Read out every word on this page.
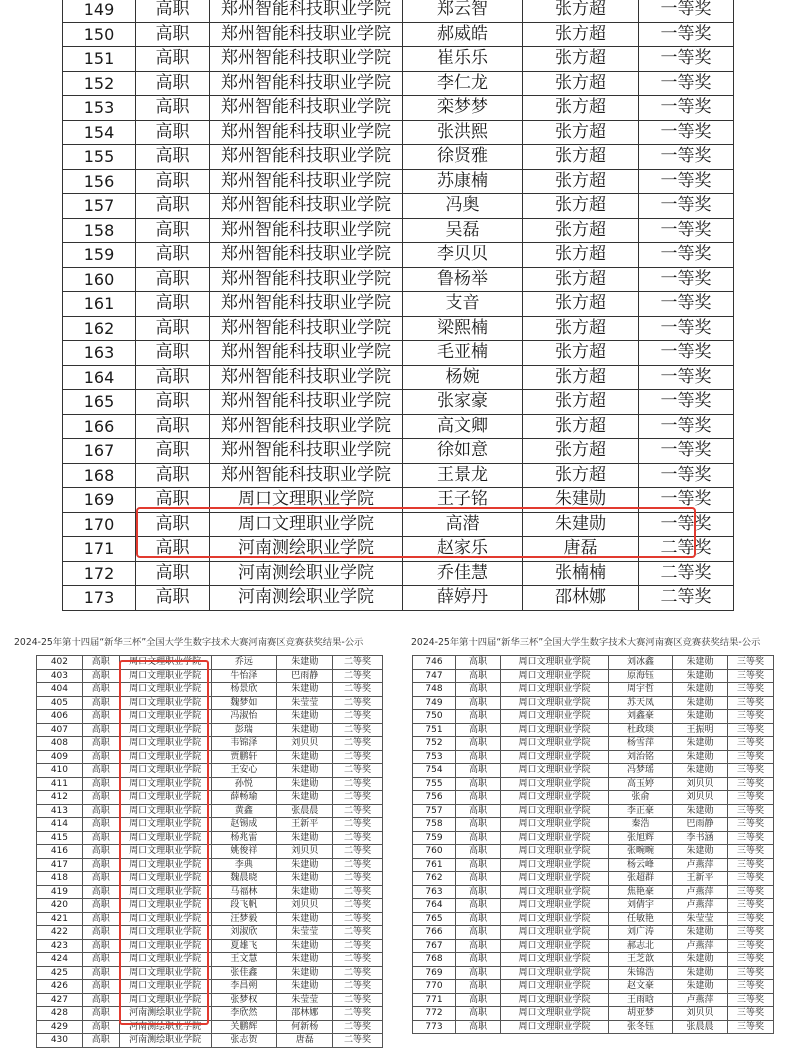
149	高职	郑州智能科技职业学院	郑云智	张方超	一等奖
150	高职	郑州智能科技职业学院	郝威皓	张方超	一等奖
151	高职	郑州智能科技职业学院	崔乐乐	张方超	一等奖
152	高职	郑州智能科技职业学院	李仁龙	张方超	一等奖
153	高职	郑州智能科技职业学院	栾梦梦	张方超	一等奖
154	高职	郑州智能科技职业学院	张洪熙	张方超	一等奖
155	高职	郑州智能科技职业学院	徐贤雅	张方超	一等奖
156	高职	郑州智能科技职业学院	苏康楠	张方超	一等奖
157	高职	郑州智能科技职业学院	冯奥	张方超	一等奖
158	高职	郑州智能科技职业学院	吴磊	张方超	一等奖
159	高职	郑州智能科技职业学院	李贝贝	张方超	一等奖
160	高职	郑州智能科技职业学院	鲁杨举	张方超	一等奖
161	高职	郑州智能科技职业学院	支音	张方超	一等奖
162	高职	郑州智能科技职业学院	梁熙楠	张方超	一等奖
163	高职	郑州智能科技职业学院	毛亚楠	张方超	一等奖
164	高职	郑州智能科技职业学院	杨婉	张方超	一等奖
165	高职	郑州智能科技职业学院	张家豪	张方超	一等奖
166	高职	郑州智能科技职业学院	高文卿	张方超	一等奖
167	高职	郑州智能科技职业学院	徐如意	张方超	一等奖
168	高职	郑州智能科技职业学院	王景龙	张方超	一等奖
169	高职	周口文理职业学院	王子铭	朱建勋	一等奖
170	高职	周口文理职业学院	高潜	朱建勋	一等奖
171	高职	河南测绘职业学院	赵家乐	唐磊	二等奖
172	高职	河南测绘职业学院	乔佳慧	张楠楠	二等奖
173	高职	河南测绘职业学院	薛婷丹	邵林娜	二等奖
2024-25年第十四届“新华三杯”全国大学生数字技术大赛河南赛区竞赛获奖结果-公示	2024-25年第十四届“新华三杯”全国大学生数字技术大赛河南赛区竞赛获奖结果-公示
402	高职	周口文理职业学院	乔远	朱建勋	二等奖
403	高职	周口文理职业学院	牛怡泽	巴雨静	二等奖
404	高职	周口文理职业学院	杨景欣	朱建勋	二等奖
405	高职	周口文理职业学院	魏梦如	朱莹莹	二等奖
406	高职	周口文理职业学院	冯淑怡	朱建勋	二等奖
407	高职	周口文理职业学院	彭瑞	朱建勋	二等奖
408	高职	周口文理职业学院	韦锦泽	刘贝贝	二等奖
409	高职	周口文理职业学院	贾鹏轩	朱建勋	二等奖
410	高职	周口文理职业学院	王安心	朱建勋	二等奖
411	高职	周口文理职业学院	孙悦	朱建勋	二等奖
412	高职	周口文理职业学院	薛畅瑜	朱建勋	二等奖
413	高职	周口文理职业学院	黄鑫	张晨晨	二等奖
414	高职	周口文理职业学院	赵锡成	王新平	二等奖
415	高职	周口文理职业学院	杨兆雷	朱建勋	二等奖
416	高职	周口文理职业学院	姚俊祥	刘贝贝	二等奖
417	高职	周口文理职业学院	李典	朱建勋	二等奖
418	高职	周口文理职业学院	魏晨晓	朱建勋	二等奖
419	高职	周口文理职业学院	马福林	朱建勋	二等奖
420	高职	周口文理职业学院	段飞帆	刘贝贝	二等奖
421	高职	周口文理职业学院	汪梦毅	朱建勋	二等奖
422	高职	周口文理职业学院	刘淑欣	朱莹莹	二等奖
423	高职	周口文理职业学院	夏雄飞	朱建勋	二等奖
424	高职	周口文理职业学院	王文慧	朱建勋	二等奖
425	高职	周口文理职业学院	张佳鑫	朱建勋	二等奖
426	高职	周口文理职业学院	李昌朔	朱建勋	二等奖
427	高职	周口文理职业学院	张梦权	朱莹莹	二等奖
428	高职	河南测绘职业学院	李欣然	邵林娜	二等奖
429	高职	河南测绘职业学院	关鹏辉	何新杨	二等奖
430	高职	河南测绘职业学院	张志贺	唐磊	二等奖
746	高职	周口文理职业学院	刘冰鑫	朱建勋	三等奖
747	高职	周口文理职业学院	原海钰	朱建勋	三等奖
748	高职	周口文理职业学院	周宇哲	朱建勋	三等奖
749	高职	周口文理职业学院	苏天凤	朱建勋	三等奖
750	高职	周口文理职业学院	刘鑫豪	朱建勋	三等奖
751	高职	周口文理职业学院	杜政琰	王振明	三等奖
752	高职	周口文理职业学院	杨雪萍	朱建勋	三等奖
753	高职	周口文理职业学院	刘治铭	朱建勋	三等奖
754	高职	周口文理职业学院	冯梦瑶	朱建勋	三等奖
755	高职	周口文理职业学院	高玉婷	刘贝贝	三等奖
756	高职	周口文理职业学院	张俞	刘贝贝	三等奖
757	高职	周口文理职业学院	李正豪	朱建勋	三等奖
758	高职	周口文理职业学院	秦浩	巴雨静	三等奖
759	高职	周口文理职业学院	张旭辉	李书涵	三等奖
760	高职	周口文理职业学院	张畹畹	朱建勋	三等奖
761	高职	周口文理职业学院	杨云峰	卢燕萍	三等奖
762	高职	周口文理职业学院	张超群	王新平	三等奖
763	高职	周口文理职业学院	焦艳豪	卢燕萍	三等奖
764	高职	周口文理职业学院	刘倩宇	卢燕萍	三等奖
765	高职	周口文理职业学院	任敏艳	朱莹莹	三等奖
766	高职	周口文理职业学院	刘广涛	朱建勋	三等奖
767	高职	周口文理职业学院	郝志北	卢燕萍	三等奖
768	高职	周口文理职业学院	王芝歆	朱建勋	三等奖
769	高职	周口文理职业学院	朱锦浩	朱建勋	三等奖
770	高职	周口文理职业学院	赵文豪	朱建勋	三等奖
771	高职	周口文理职业学院	王雨晗	卢燕萍	三等奖
772	高职	周口文理职业学院	胡亚梦	刘贝贝	三等奖
773	高职	周口文理职业学院	张冬钰	张晨晨	三等奖
